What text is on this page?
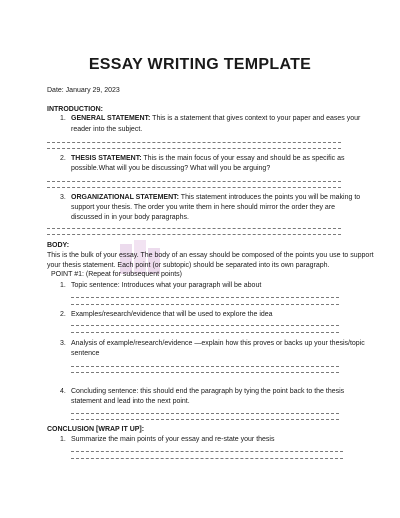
ESSAY WRITING TEMPLATE
Date: January 29, 2023
INTRODUCTION:
1. GENERAL STATEMENT: This is a statement that gives context to your paper and eases your
reader into the subject.
2. THESIS STATEMENT: This is the main focus of your essay and should be as specific as
possible.What will you be discussing? What will you be arguing?
3. ORGANIZATIONAL STATEMENT: This statement introduces the points you will be making to
support your thesis. The order you write them in here should mirror the order they are
discussed in in your body paragraphs.
BODY:
This is the bulk of your essay. The body of an essay should be composed of the points you use to support
your thesis statement. Each point (or subtopic) should be separated into its own paragraph.
POINT #1: (Repeat for subsequent points)
1. Topic sentence: Introduces what your paragraph will be about
2. Examples/research/evidence that will be used to explore the idea
3. Analysis of example/research/evidence —explain how this proves or backs up your thesis/topic
sentence
4. Concluding sentence: this should end the paragraph by tying the point back to the thesis
statement and lead into the next point.
CONCLUSION [WRAP IT UP]:
1. Summarize the main points of your essay and re-state your thesis
